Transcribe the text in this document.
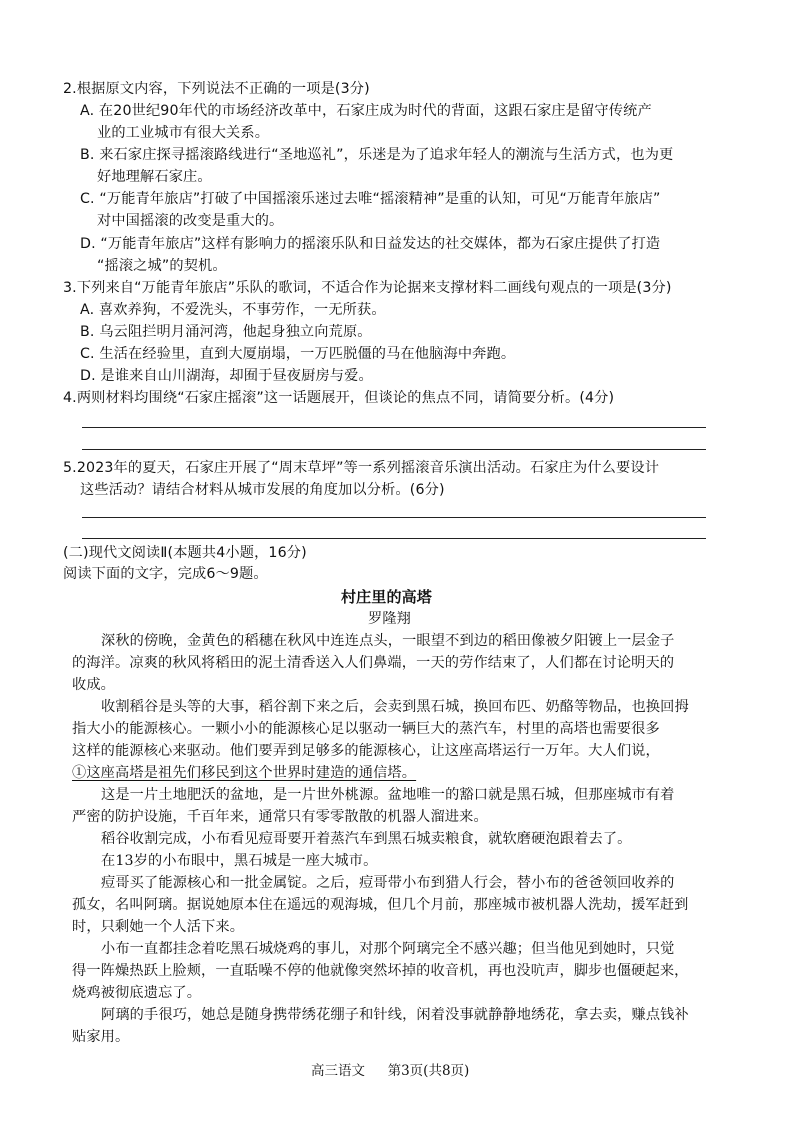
2.根据原文内容，下列说法不正确的一项是(3分)
A. 在20世纪90年代的市场经济改革中，石家庄成为时代的背面，这跟石家庄是留守传统产
业的工业城市有很大关系。
B. 来石家庄探寻摇滚路线进行“圣地巡礼”，乐迷是为了追求年轻人的潮流与生活方式，也为更
好地理解石家庄。
C. “万能青年旅店”打破了中国摇滚乐迷过去唯“摇滚精神”是重的认知，可见“万能青年旅店”
对中国摇滚的改变是重大的。
D. “万能青年旅店”这样有影响力的摇滚乐队和日益发达的社交媒体，都为石家庄提供了打造
“摇滚之城”的契机。
3.下列来自“万能青年旅店”乐队的歌词，不适合作为论据来支撑材料二画线句观点的一项是(3分)
A. 喜欢养狗，不爱洗头，不事劳作，一无所获。
B. 乌云阻拦明月涌河湾，他起身独立向荒原。
C. 生活在经验里，直到大厦崩塌，一万匹脱僵的马在他脑海中奔跑。
D. 是谁来自山川湖海，却囿于昼夜厨房与爱。
4.两则材料均围绕“石家庄摇滚”这一话题展开，但谈论的焦点不同，请简要分析。(4分)
5.2023年的夏天，石家庄开展了“周末草坪”等一系列摇滚音乐演出活动。石家庄为什么要设计
这些活动？请结合材料从城市发展的角度加以分析。(6分)
(二)现代文阅读Ⅱ(本题共4小题，16分)
阅读下面的文字，完成6～9题。
村庄里的高塔
罗隆翔
深秋的傍晚，金黄色的稻穗在秋风中连连点头，一眼望不到边的稻田像被夕阳镀上一层金子
的海洋。凉爽的秋风将稻田的泥土清香送入人们鼻端，一天的劳作结束了，人们都在讨论明天的
收成。
收割稻谷是头等的大事，稻谷割下来之后，会卖到黑石城，换回布匹、奶酪等物品，也换回拇
指大小的能源核心。一颗小小的能源核心足以驱动一辆巨大的蒸汽车，村里的高塔也需要很多
这样的能源核心来驱动。他们要弄到足够多的能源核心，让这座高塔运行一万年。大人们说，
①这座高塔是祖先们移民到这个世界时建造的通信塔。
这是一片土地肥沃的盆地，是一片世外桃源。盆地唯一的豁口就是黑石城，但那座城市有着
严密的防护设施，千百年来，通常只有零零散散的机器人溜进来。
稻谷收割完成，小布看见痘哥要开着蒸汽车到黑石城卖粮食，就软磨硬泡跟着去了。
在13岁的小布眼中，黑石城是一座大城市。
痘哥买了能源核心和一批金属锭。之后，痘哥带小布到猎人行会，替小布的爸爸领回收养的
孤女，名叫阿璃。据说她原本住在遥远的观海城，但几个月前，那座城市被机器人洗劫，援军赶到
时，只剩她一个人活下来。
小布一直都挂念着吃黑石城烧鸡的事儿，对那个阿璃完全不感兴趣；但当他见到她时，只觉
得一阵燥热跃上脸颊，一直聒噪不停的他就像突然坏掉的收音机，再也没吭声，脚步也僵硬起来，
烧鸡被彻底遗忘了。
阿璃的手很巧，她总是随身携带绣花绷子和针线，闲着没事就静静地绣花，拿去卖，赚点钱补
贴家用。
高三语文 第3页(共8页)
